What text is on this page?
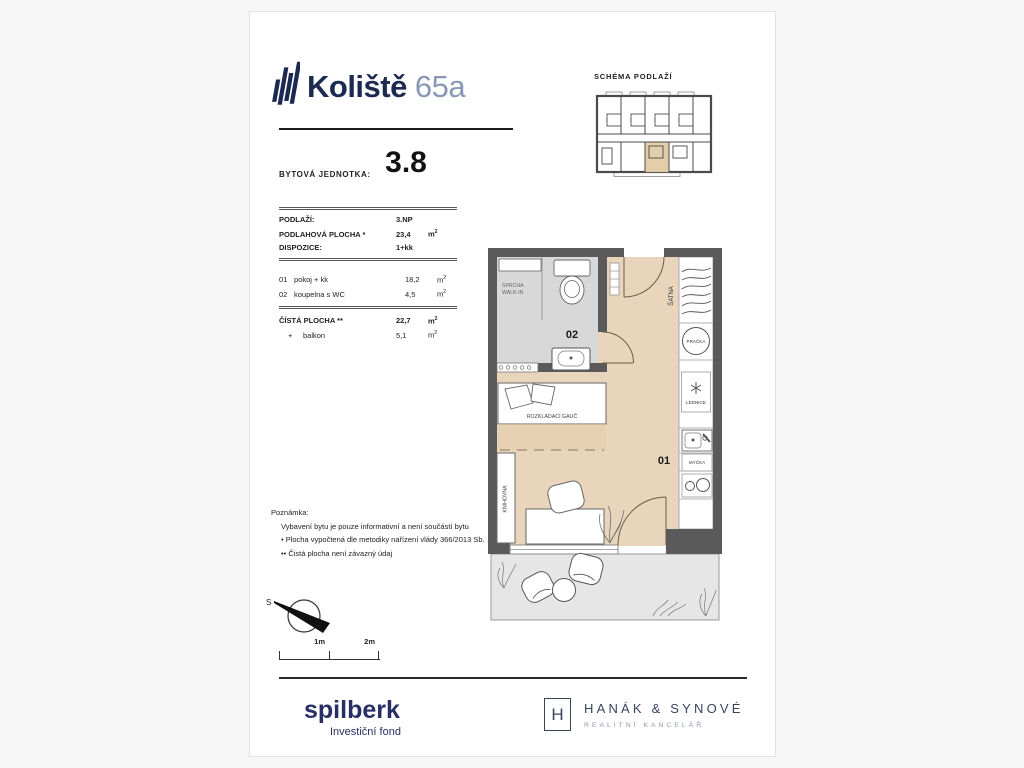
Koliště 65a
BYTOVÁ JEDNOTKA: 3.8
PODLAŽÍ:	3.NP
PODLAHOVÁ PLOCHA *	23,4	$m^2$
DISPOZICE:	1+kk
01 pokoj + kk	18,2	$m^2$
02 koupelna s WC	4,5	$m^2$
ČÍSTÁ PLOCHA **	22,7	$m^2$
+ balkon	5,1	$m^2$
SCHÉMA PODLAŽÍ
PRAČKA
LEDNICE
MYČKA
ŠATNA
SPRCHA
WALK-IN
02
ROZKLÁDACÍ GAUČ
KNIHOVNA
01
Poznámka:
Vybavení bytu je pouze informativní a není součástí bytu
• Plocha vypočtená dle metodiky nařízení vlády 366/2013 Sb.
•• Čistá plocha není závazný údaj
S
1m	2m
spilberk
Investiční fond
H	HANÁK & SYNOVÉ
REALITNÍ KANCELÁŘ
